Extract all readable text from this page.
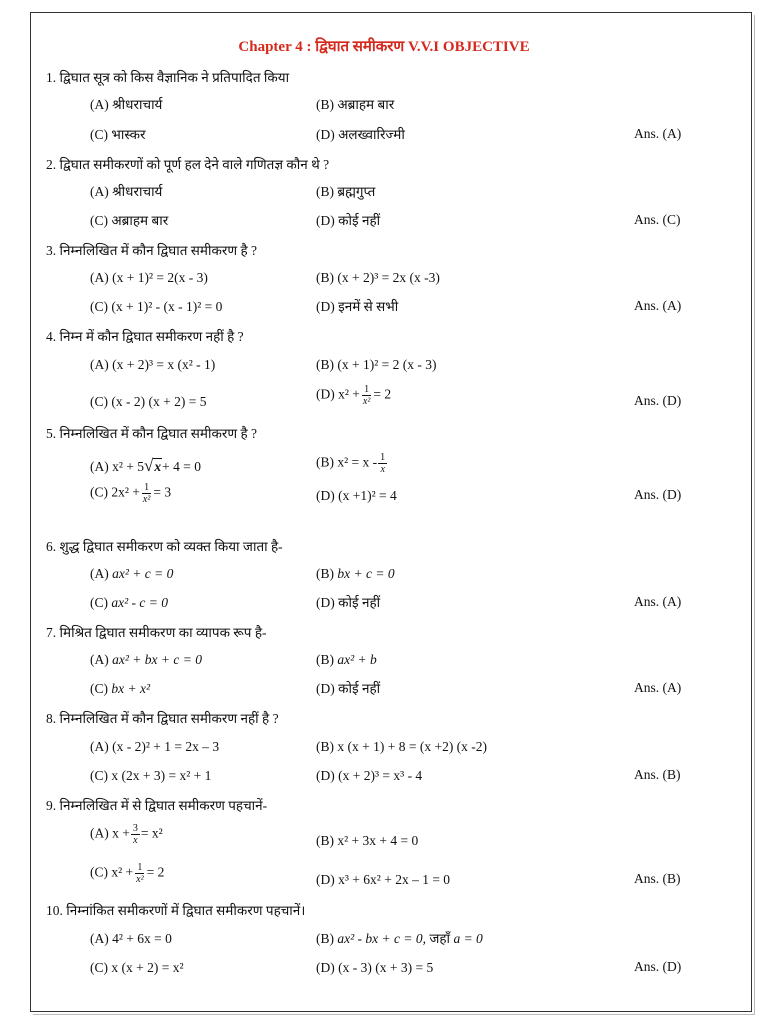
Chapter 4 : द्विघात समीकरण V.V.I OBJECTIVE
1. द्विघात सूत्र को किस वैज्ञानिक ने प्रतिपादित किया
(A) श्रीधराचार्य	(B) अब्राहम बार
(C) भास्कर	(D) अलख्वारिज्मी	Ans. (A)
2. द्विघात समीकरणों को पूर्ण हल देने वाले गणितज्ञ कौन थे ?
(A) श्रीधराचार्य	(B) ब्रह्मगुप्त
(C) अब्राहम बार	(D) कोई नहीं	Ans. (C)
3. निम्नलिखित में कौन द्विघात समीकरण है ?
(A) (x + 1)² = 2(x - 3)	(B) (x + 2)³ = 2x (x -3)
(C) (x + 1)² - (x - 1)² = 0	(D) इनमें से सभी	Ans. (A)
4. निम्न में कौन द्विघात समीकरण नहीं है ?
(A) (x + 2)³ = x (x² - 1)	(B) (x + 1)² = 2 (x - 3)
(C) (x - 2) (x + 2) = 5	(D) $x^2 + \frac{1}{\text{x²}} = 2$	Ans. (D)
5. निम्नलिखित में कौन द्विघात समीकरण है ?
(A) x² + 5√x+ 4 = 0	(B) $x^2 = x - \frac{1}{x}$
(C) $2x^2 + \frac{1}{\text{x²}} = 3$	(D) (x +1)² = 4	Ans. (D)
6. शुद्ध द्विघात समीकरण को व्यक्त किया जाता है-
(A) ax² + c = 0	(B) bx + c = 0
(C) ax² - c = 0	(D) कोई नहीं	Ans. (A)
7. मिश्रित द्विघात समीकरण का व्यापक रूप है-
(A) ax² + bx + c = 0	(B) ax² + b
(C) bx + x²	(D) कोई नहीं	Ans. (A)
8. निम्नलिखित में कौन द्विघात समीकरण नहीं है ?
(A) (x - 2)² + 1 = 2x – 3	(B) x (x + 1) + 8 = (x +2) (x -2)
(C) x (2x + 3) = x² + 1	(D) (x + 2)³ = x³ - 4	Ans. (B)
9. निम्नलिखित में से द्विघात समीकरण पहचानें-
(A) $x + \frac{3}{x} = x^2$	(B) x² + 3x + 4 = 0
(C) $x^2 + \frac{1}{\text{x²}} = 2$	(D) x³ + 6x² + 2x – 1 = 0	Ans. (B)
10. निम्नांकित समीकरणों में द्विघात समीकरण पहचानें।
(A) 4² + 6x = 0	(B) ax² - bx + c = 0, जहाँ a = 0
(C) x (x + 2) = x²	(D) (x - 3) (x + 3) = 5	Ans. (D)
